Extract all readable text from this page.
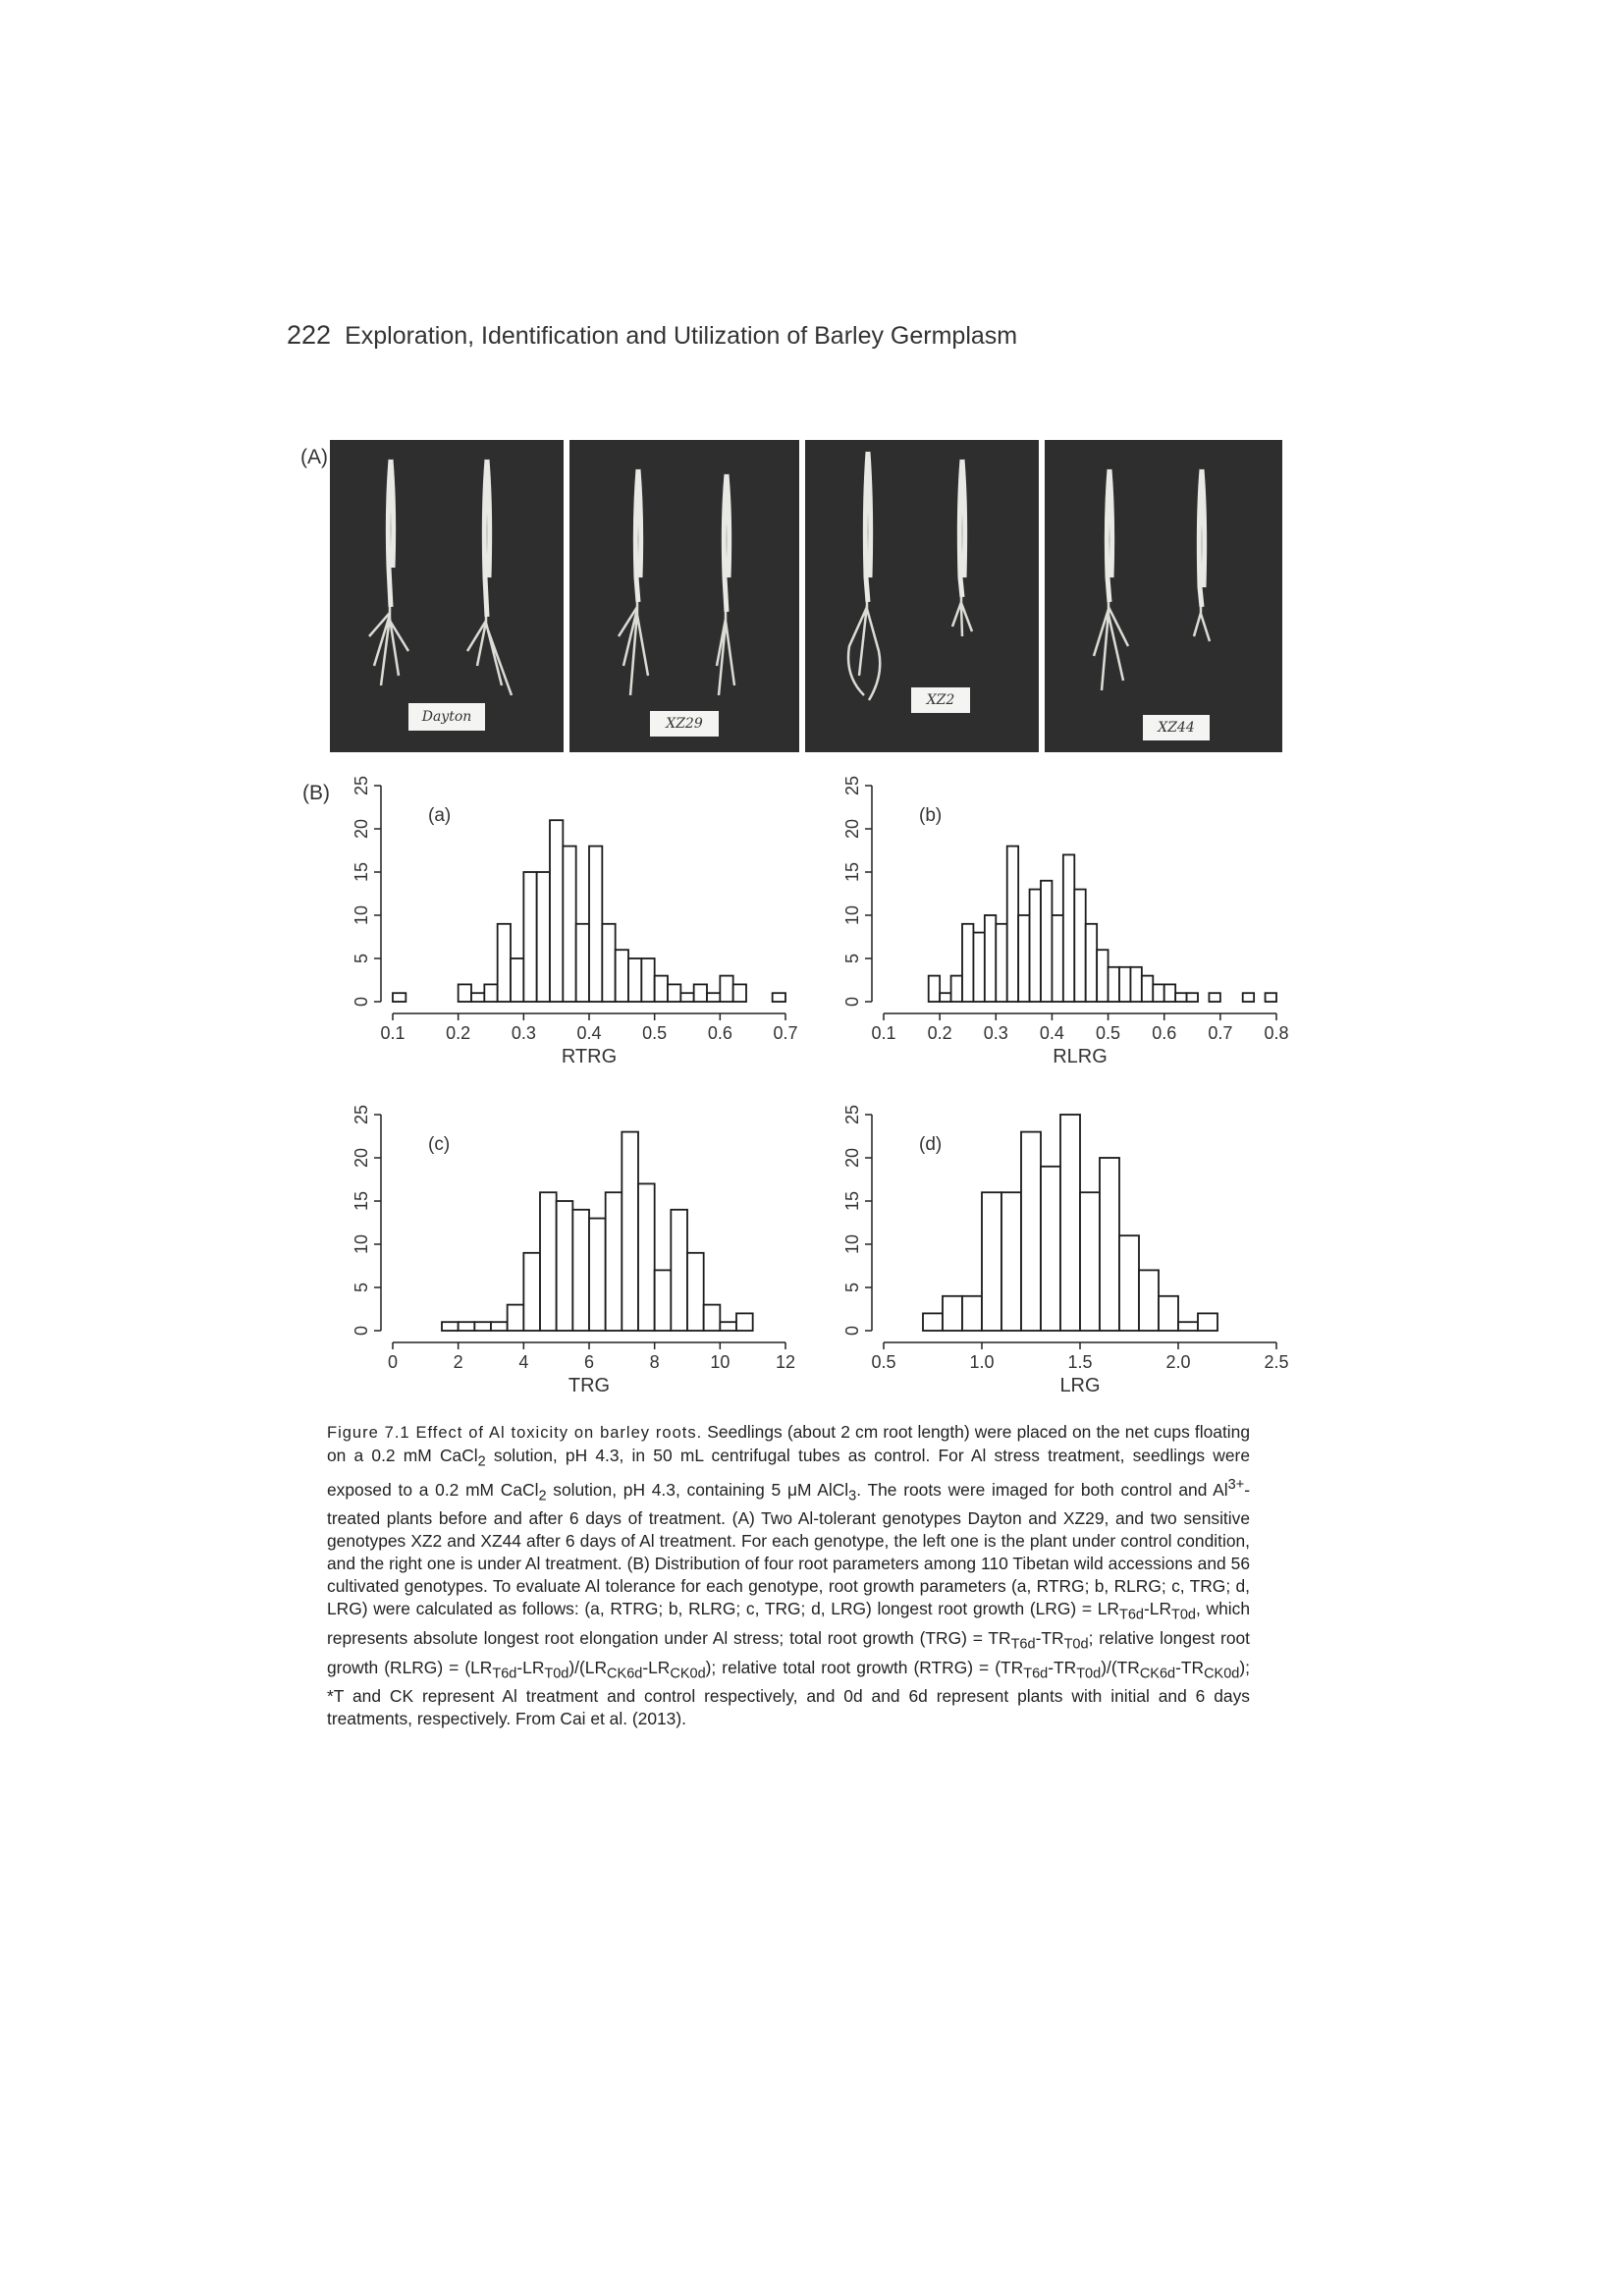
222 Exploration, Identification and Utilization of Barley Germplasm
(A)
(B)
Dayton	XZ29
XZ2
XZ44
0
5
10
15
20
25
0.1 0.2 0.3 0.4 0.5 0.6 0.7
RTRG
(a)
0
5
10
15
20
25
0.1 0.2 0.3 0.4 0.5 0.6 0.7 0.8
RLRG
(b)
0
5
10
15
20
25
0	2	4	6	8	10	12
TRG
(c)
0
5
10
15
20
25
0.5	1.0	1.5	2.0	2.5
LRG
(d)
Figure 7.1 Effect of Al toxicity on barley roots. Seedlings (about 2 cm root length) were placed on the net cups floating on a 0.2 mM CaCl$_2$ solution, pH 4.3, in 50 mL centrifugal tubes as control. For Al stress treatment, seedlings were exposed to a 0.2 mM CaCl$_2$ solution, pH 4.3, containing 5 μM AlCl$_3$. The roots were imaged for both control and $Al^{3+}$-treated plants before and after 6 days of treatment. (A) Two Al-tolerant genotypes Dayton and XZ29, and two sensitive genotypes XZ2 and XZ44 after 6 days of Al treatment. For each genotype, the left one is the plant under control condition, and the right one is under Al treatment. (B) Distribution of four root parameters among 110 Tibetan wild accessions and 56 cultivated genotypes. To evaluate Al tolerance for each genotype, root growth parameters (a, RTRG; b, RLRG; c, TRG; d, LRG) were calculated as follows: (a, RTRG; b, RLRG; c, TRG; d, LRG) longest root growth $(LRG) = LR_{T6d}-LR_{T0d}$, which represents absolute longest root elongation under Al stress; total root growth $(TRG) = TR_{T6d}-TR_{T0d}$; relative longest root growth (RLRG) = $(LR_{T6d}-LR_{T0d})/(LR_{CK6d}-LR_{CK0d})$; relative total root growth (RTRG) = $(TR_{T6d}-TR_{T0d})/(TR_{CK6d}-TR_{CK0d})$; *T and CK represent Al treatment and control respectively, and 0d and 6d represent plants with initial and 6 days treatments, respectively. From Cai et al. (2013).
